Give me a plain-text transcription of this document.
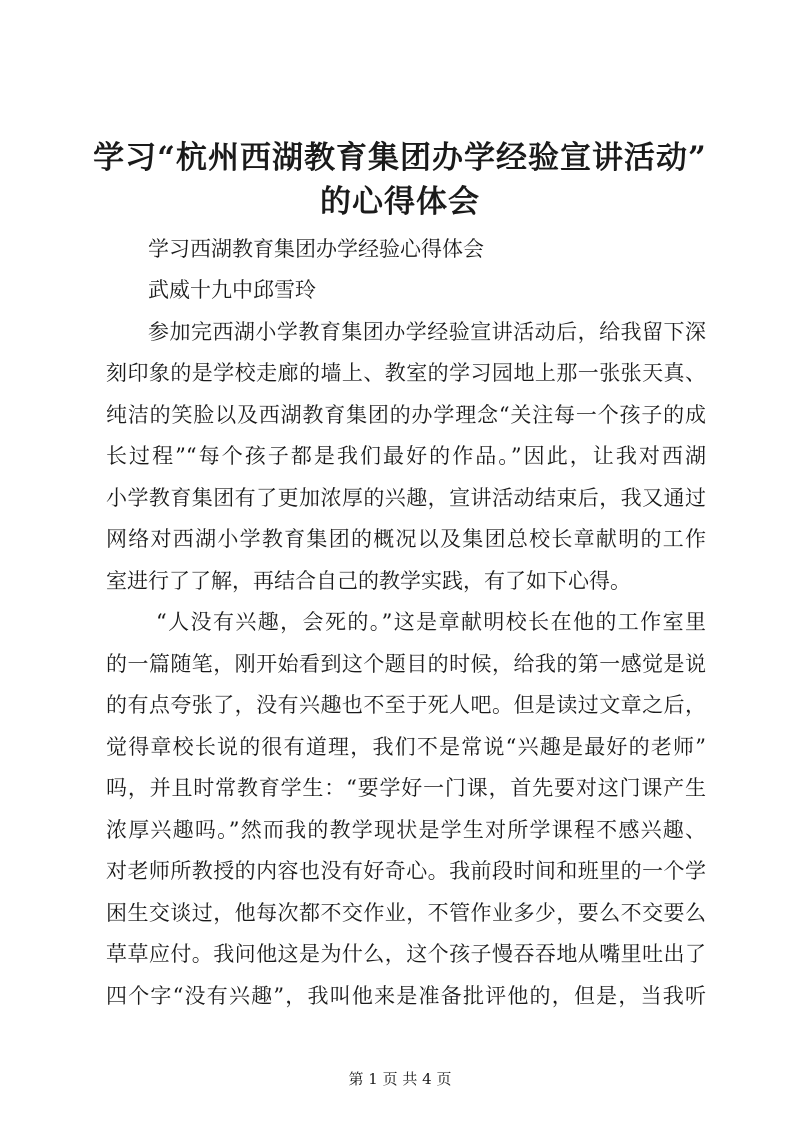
学习“杭州西湖教育集团办学经验宣讲活动”
的心得体会
学习西湖教育集团办学经验心得体会
武威十九中邱雪玲
参加完西湖小学教育集团办学经验宣讲活动后，给我留下深
刻印象的是学校走廊的墙上、教室的学习园地上那一张张天真、
纯洁的笑脸以及西湖教育集团的办学理念“关注每一个孩子的成
长过程”“每个孩子都是我们最好的作品。”因此，让我对西湖
小学教育集团有了更加浓厚的兴趣，宣讲活动结束后，我又通过
网络对西湖小学教育集团的概况以及集团总校长章献明的工作
室进行了了解，再结合自己的教学实践，有了如下心得。
“人没有兴趣，会死的。”这是章献明校长在他的工作室里
的一篇随笔，刚开始看到这个题目的时候，给我的第一感觉是说
的有点夸张了，没有兴趣也不至于死人吧。但是读过文章之后，
觉得章校长说的很有道理，我们不是常说“兴趣是最好的老师”
吗，并且时常教育学生：“要学好一门课，首先要对这门课产生
浓厚兴趣吗。”然而我的教学现状是学生对所学课程不感兴趣、
对老师所教授的内容也没有好奇心。我前段时间和班里的一个学
困生交谈过，他每次都不交作业，不管作业多少，要么不交要么
草草应付。我问他这是为什么，这个孩子慢吞吞地从嘴里吐出了
四个字“没有兴趣”，我叫他来是准备批评他的，但是，当我听
第 1 页 共 4 页
